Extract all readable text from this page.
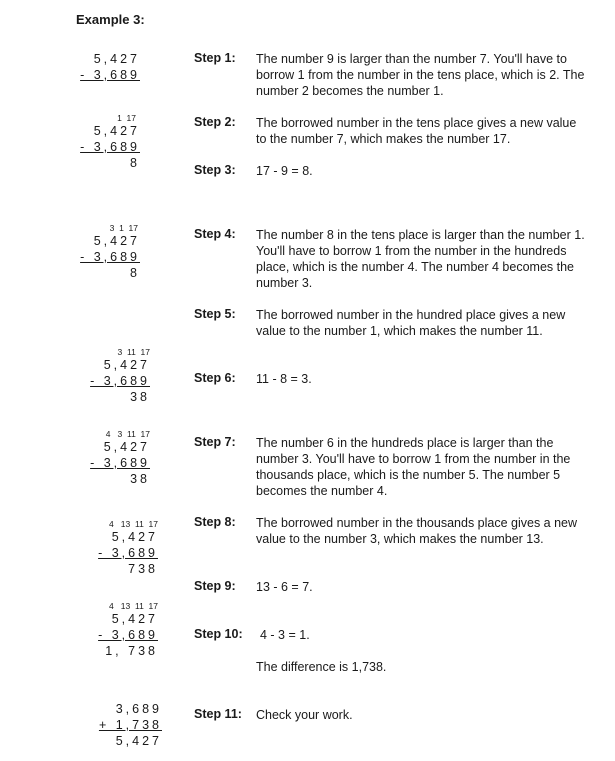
Example 3:
5,427
- 3,689
1  17
5,427
- 3,689
8
3  1  17
5,427
- 3,689
8
3  11  17
5,427
- 3,689
38
4   3  11  17
5,427
- 3,689
38
4   13  11  17
5,427
- 3,689
738
4   13  11  17
5,427
- 3,689
1, 738
3,689
+ 1,738
5,427
Step 1: The number 9 is larger than the number 7. You'll have to borrow 1 from the number in the tens place, which is 2. The number 2 becomes the number 1.
Step 2: The borrowed number in the tens place gives a new value to the number 7, which makes the number 17.
Step 3: 17 - 9 = 8.
Step 4: The number 8 in the tens place is larger than the number 1. You'll have to borrow 1 from the number in the hundreds place, which is the number 4. The number 4 becomes the number 3.
Step 5: The borrowed number in the hundred place gives a new value to the number 1, which makes the number 11.
Step 6: 11 - 8 = 3.
Step 7: The number 6 in the hundreds place is larger than the number 3. You'll have to borrow 1 from the number in the thousands place, which is the number 5. The number 5 becomes the number 4.
Step 8: The borrowed number in the thousands place gives a new value to the number 3, which makes the number 13.
Step 9: 13 - 6 = 7.
Step 10: 4 - 3 = 1.
The difference is 1,738.
Step 11: Check your work.
